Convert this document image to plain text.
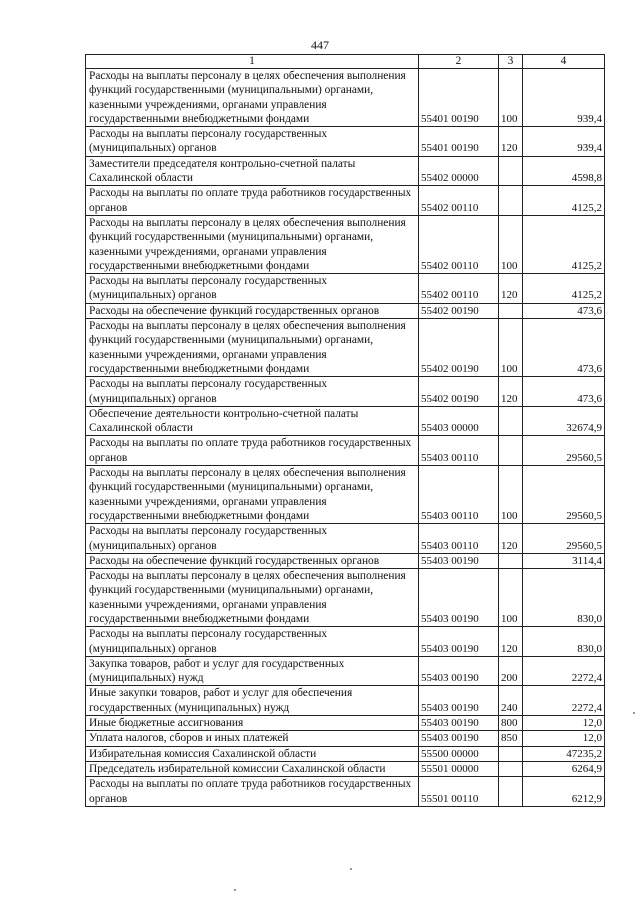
447
1	2	3	4
Расходы на выплаты персоналу в целях обеспечения выполнения функций государственными (муниципальными) органами, казенными учреждениями, органами управления государственными внебюджетными фондами	55401 00190	100	939,4
Расходы на выплаты персоналу государственных (муниципальных) органов	55401 00190	120	939,4
Заместители председателя контрольно-счетной палаты Сахалинской области	55402 00000		4598,8
Расходы на выплаты по оплате труда работников государственных органов	55402 00110		4125,2
Расходы на выплаты персоналу в целях обеспечения выполнения функций государственными (муниципальными) органами, казенными учреждениями, органами управления государственными внебюджетными фондами	55402 00110	100	4125,2
Расходы на выплаты персоналу государственных (муниципальных) органов	55402 00110	120	4125,2
Расходы на обеспечение функций государственных органов	55402 00190		473,6
Расходы на выплаты персоналу в целях обеспечения выполнения функций государственными (муниципальными) органами, казенными учреждениями, органами управления государственными внебюджетными фондами	55402 00190	100	473,6
Расходы на выплаты персоналу государственных (муниципальных) органов	55402 00190	120	473,6
Обеспечение деятельности контрольно-счетной палаты Сахалинской области	55403 00000		32674,9
Расходы на выплаты по оплате труда работников государственных органов	55403 00110		29560,5
Расходы на выплаты персоналу в целях обеспечения выполнения функций государственными (муниципальными) органами, казенными учреждениями, органами управления государственными внебюджетными фондами	55403 00110	100	29560,5
Расходы на выплаты персоналу государственных (муниципальных) органов	55403 00110	120	29560,5
Расходы на обеспечение функций государственных органов	55403 00190		3114,4
Расходы на выплаты персоналу в целях обеспечения выполнения функций государственными (муниципальными) органами, казенными учреждениями, органами управления государственными внебюджетными фондами	55403 00190	100	830,0
Расходы на выплаты персоналу государственных (муниципальных) органов	55403 00190	120	830,0
Закупка товаров, работ и услуг для государственных (муниципальных) нужд	55403 00190	200	2272,4
Иные закупки товаров, работ и услуг для обеспечения государственных (муниципальных) нужд	55403 00190	240	2272,4
Иные бюджетные ассигнования	55403 00190	800	12,0
Уплата налогов, сборов и иных платежей	55403 00190	850	12,0
Избирательная комиссия Сахалинской области	55500 00000		47235,2
Председатель избирательной комиссии Сахалинской области	55501 00000		6264,9
Расходы на выплаты по оплате труда работников государственных органов	55501 00110		6212,9
